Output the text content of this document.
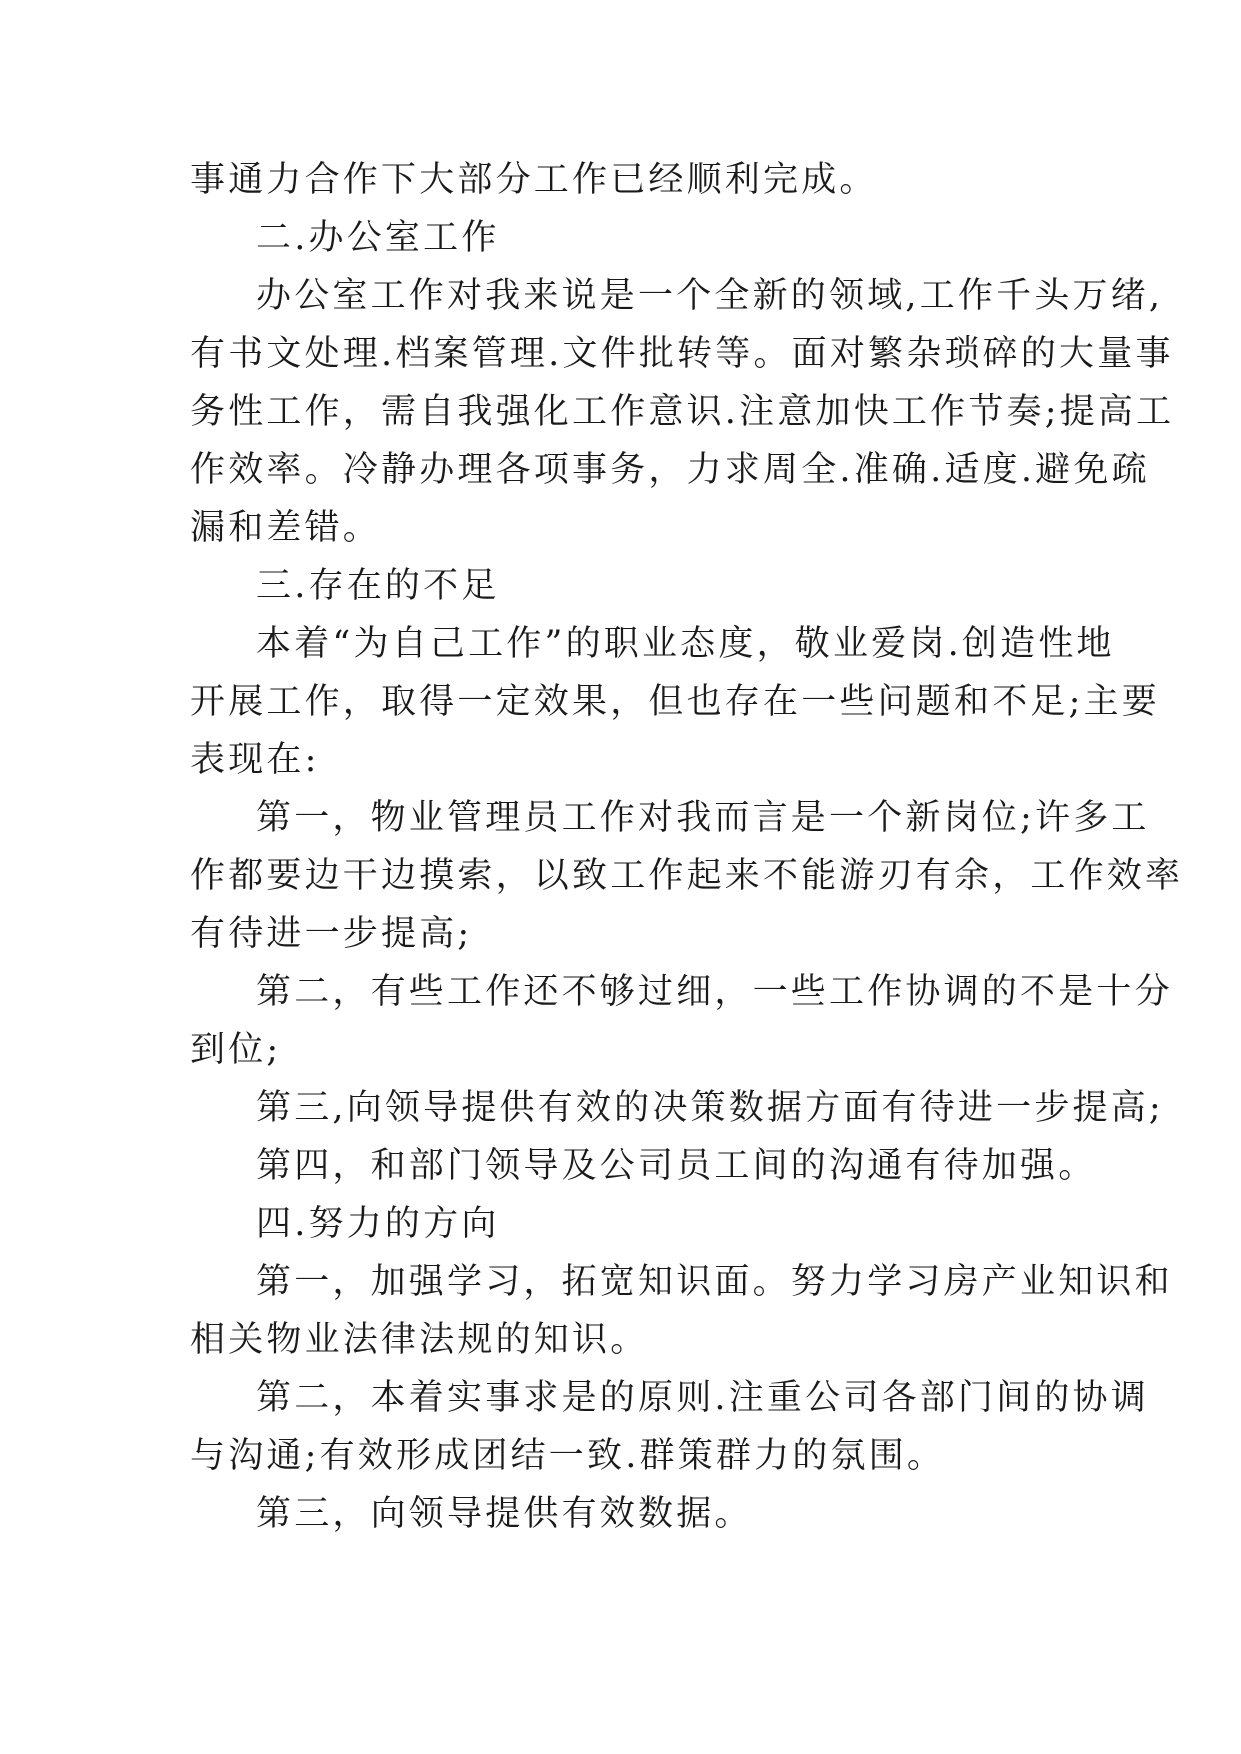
事通力合作下大部分工作已经顺利完成。
二.办公室工作
办公室工作对我来说是一个全新的领域,工作千头万绪,
有书文处理.档案管理.文件批转等。面对繁杂琐碎的大量事
务性工作，需自我强化工作意识.注意加快工作节奏;提高工
作效率。冷静办理各项事务，力求周全.准确.适度.避免疏
漏和差错。
三.存在的不足
本着“为自己工作”的职业态度，敬业爱岗.创造性地
开展工作，取得一定效果，但也存在一些问题和不足;主要
表现在:
第一，物业管理员工作对我而言是一个新岗位;许多工
作都要边干边摸索，以致工作起来不能游刃有余，工作效率
有待进一步提高;
第二，有些工作还不够过细，一些工作协调的不是十分
到位;
第三,向领导提供有效的决策数据方面有待进一步提高;
第四，和部门领导及公司员工间的沟通有待加强。
四.努力的方向
第一，加强学习，拓宽知识面。努力学习房产业知识和
相关物业法律法规的知识。
第二，本着实事求是的原则.注重公司各部门间的协调
与沟通;有效形成团结一致.群策群力的氛围。
第三，向领导提供有效数据。
